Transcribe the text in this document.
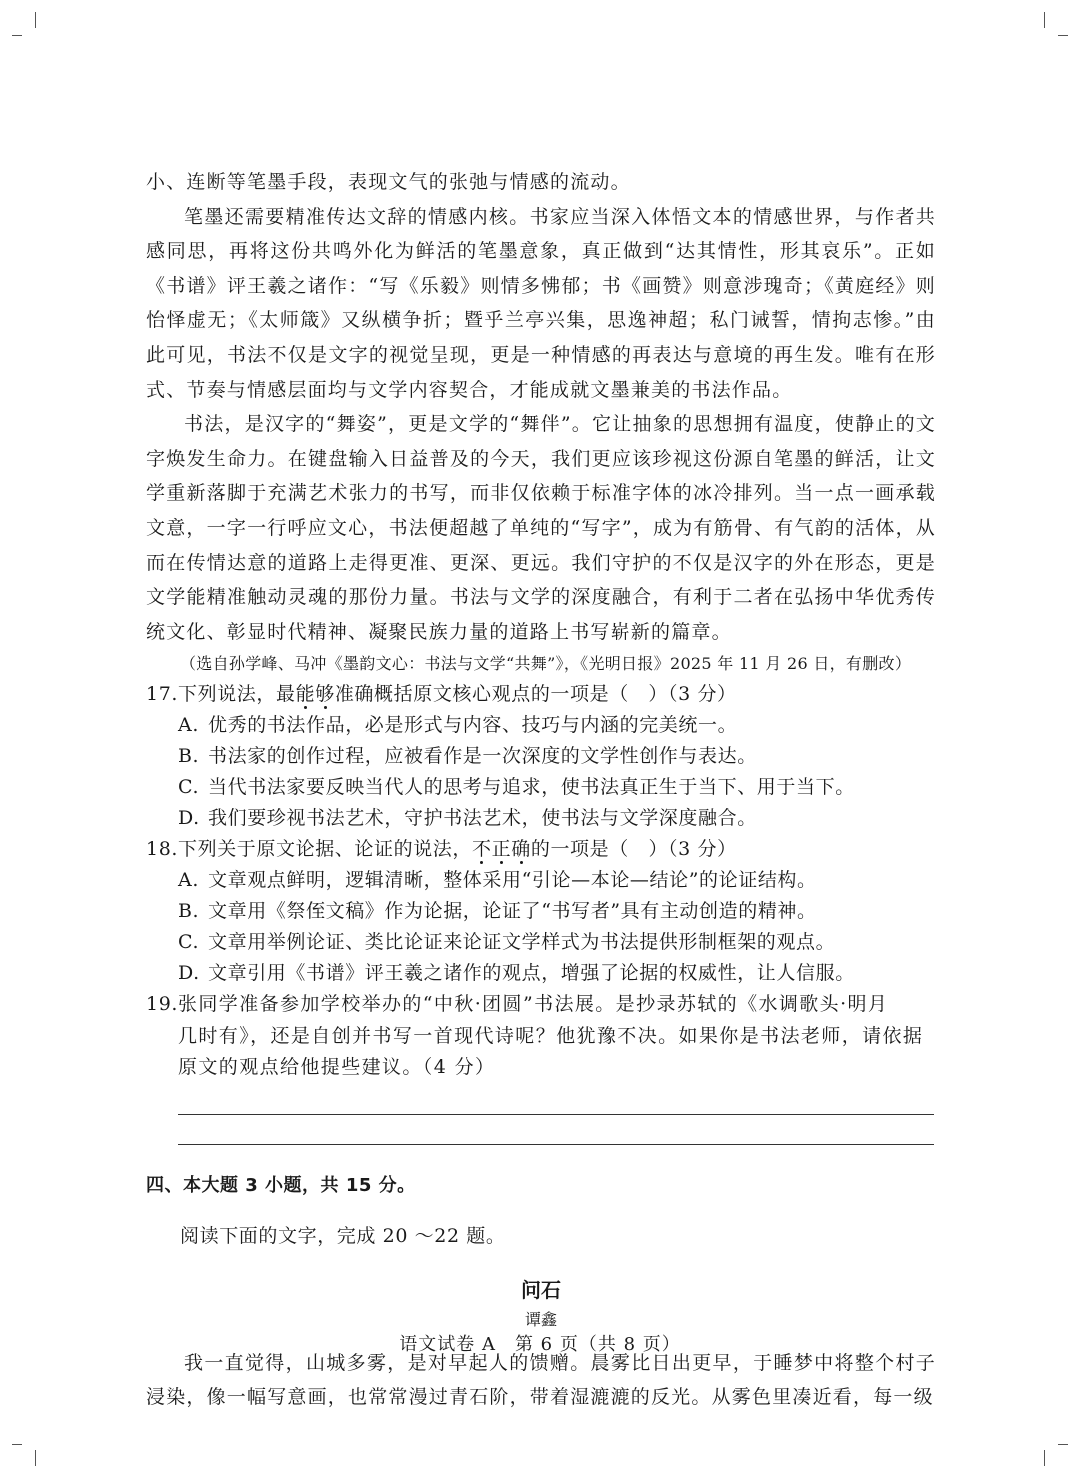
小、连断等笔墨手段，表现文气的张弛与情感的流动。

笔墨还需要精准传达文辞的情感内核。书家应当深入体悟文本的情感世界，与作者共感同思，再将这份共鸣外化为鲜活的笔墨意象，真正做到“达其情性，形其哀乐”。正如《书谱》评王羲之诸作：“写《乐毅》则情多怫郁；书《画赞》则意涉瑰奇；《黄庭经》则怡怿虚无；《太师箴》又纵横争折；暨乎兰亭兴集，思逸神超；私门诫誓，情拘志惨。”由此可见，书法不仅是文字的视觉呈现，更是一种情感的再表达与意境的再生发。唯有在形式、节奏与情感层面均与文学内容契合，才能成就文墨兼美的书法作品。

书法，是汉字的“舞姿”，更是文学的“舞伴”。它让抽象的思想拥有温度，使静止的文字焕发生命力。在键盘输入日益普及的今天，我们更应该珍视这份源自笔墨的鲜活，让文学重新落脚于充满艺术张力的书写，而非仅依赖于标准字体的冰冷排列。当一点一画承载文意，一字一行呼应文心，书法便超越了单纯的“写字”，成为有筋骨、有气韵的活体，从而在传情达意的道路上走得更准、更深、更远。我们守护的不仅是汉字的外在形态，更是文学能精准触动灵魂的那份力量。书法与文学的深度融合，有利于二者在弘扬中华优秀传统文化、彰显时代精神、凝聚民族力量的道路上书写崭新的篇章。

（选自孙学峰、马冲《墨韵文心：书法与文学“共舞”》，《光明日报》2025 年 11 月 26 日，有删改）

17. 下列说法，最能够准确概括原文核心观点的一项是（　）（3 分）
A. 优秀的书法作品，必是形式与内容、技巧与内涵的完美统一。
B. 书法家的创作过程，应被看作是一次深度的文学性创作与表达。
C. 当代书法家要反映当代人的思考与追求，使书法真正生于当下、用于当下。
D. 我们要珍视书法艺术，守护书法艺术，使书法与文学深度融合。
18. 下列关于原文论据、论证的说法，不正确的一项是（　）（3 分）
A. 文章观点鲜明，逻辑清晰，整体采用“引论—本论—结论”的论证结构。
B. 文章用《祭侄文稿》作为论据，论证了“书写者”具有主动创造的精神。
C. 文章用举例论证、类比论证来论证文学样式为书法提供形制框架的观点。
D. 文章引用《书谱》评王羲之诸作的观点，增强了论据的权威性，让人信服。
19. 张同学准备参加学校举办的“中秋·团圆”书法展。是抄录苏轼的《水调歌头·明月
几时有》，还是自创并书写一首现代诗呢？他犹豫不决。如果你是书法老师，请依据原文的观点给他提些建议。（4 分）

四、本大题 3 小题，共 15 分。

阅读下面的文字，完成 20 ～22 题。

问石

谭鑫

我一直觉得，山城多雾，是对早起人的馈赠。晨雾比日出更早，于睡梦中将整个村子浸染，像一幅写意画，也常常漫过青石阶，带着湿漉漉的反光。从雾色里凑近看，每一级

语文试卷 A　第 6 页（共 8 页）
